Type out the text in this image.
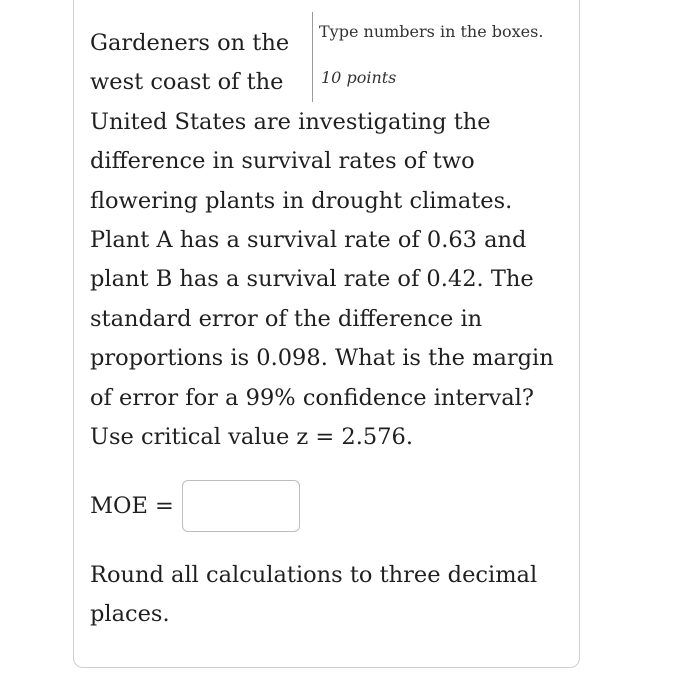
Gardeners on the

west coast of the

United States are investigating the

difference in survival rates of two

flowering plants in drought climates.

Plant A has a survival rate of 0.63 and

plant B has a survival rate of 0.42. The

standard error of the difference in

proportions is 0.098. What is the margin

of error for a 99% confidence interval?

Use critical value z = 2.576.

Type numbers in the boxes.
10 points
MOE =

Round all calculations to three decimal places.
